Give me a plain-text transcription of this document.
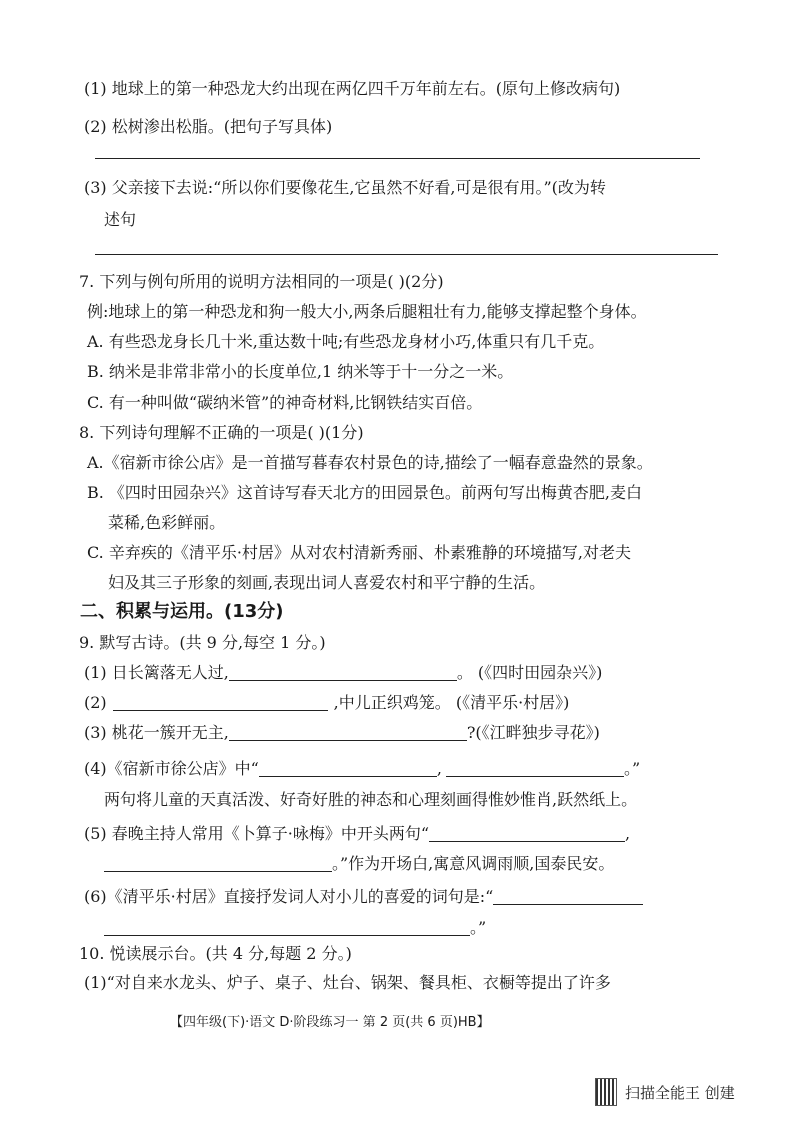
(1) 地球上的第一种恐龙大约出现在两亿四千万年前左右。(原句上修改病句)
(2) 松树渗出松脂。(把句子写具体)
(3) 父亲接下去说:“所以你们要像花生,它虽然不好看,可是很有用。”(改为转
述句
7. 下列与例句所用的说明方法相同的一项是( )(2分)
例:地球上的第一种恐龙和狗一般大小,两条后腿粗壮有力,能够支撑起整个身体。
A. 有些恐龙身长几十米,重达数十吨;有些恐龙身材小巧,体重只有几千克。
B. 纳米是非常非常小的长度单位,1 纳米等于十一分之一米。
C. 有一种叫做“碳纳米管”的神奇材料,比钢铁结实百倍。
8. 下列诗句理解不正确的一项是( )(1分)
A.《宿新市徐公店》是一首描写暮春农村景色的诗,描绘了一幅春意盎然的景象。
B. 《四时田园杂兴》这首诗写春天北方的田园景色。前两句写出梅黄杏肥,麦白
菜稀,色彩鲜丽。
C. 辛弃疾的《清平乐·村居》从对农村清新秀丽、朴素雅静的环境描写,对老夫
妇及其三子形象的刻画,表现出词人喜爱农村和平宁静的生活。
二、积累与运用。(13分)
9. 默写古诗。(共 9 分,每空 1 分。)
(1) 日长篱落无人过,	。 (《四时田园杂兴》)
(2)	,中儿正织鸡笼。 (《清平乐·村居》)
(3) 桃花一簇开无主,	?(《江畔独步寻花》)
(4)《宿新市徐公店》中“	,	。”
两句将儿童的天真活泼、好奇好胜的神态和心理刻画得惟妙惟肖,跃然纸上。
(5) 春晚主持人常用《卜算子·咏梅》中开头两句“	,
。”作为开场白,寓意风调雨顺,国泰民安。
(6)《清平乐·村居》直接抒发词人对小儿的喜爱的词句是:“
。”
10. 悦读展示台。(共 4 分,每题 2 分。)
(1)“对自来水龙头、炉子、桌子、灶台、锅架、餐具柜、衣橱等提出了许多
【四年级(下)·语文 D·阶段练习一 第 2 页(共 6 页)HB】
扫描全能王 创建
